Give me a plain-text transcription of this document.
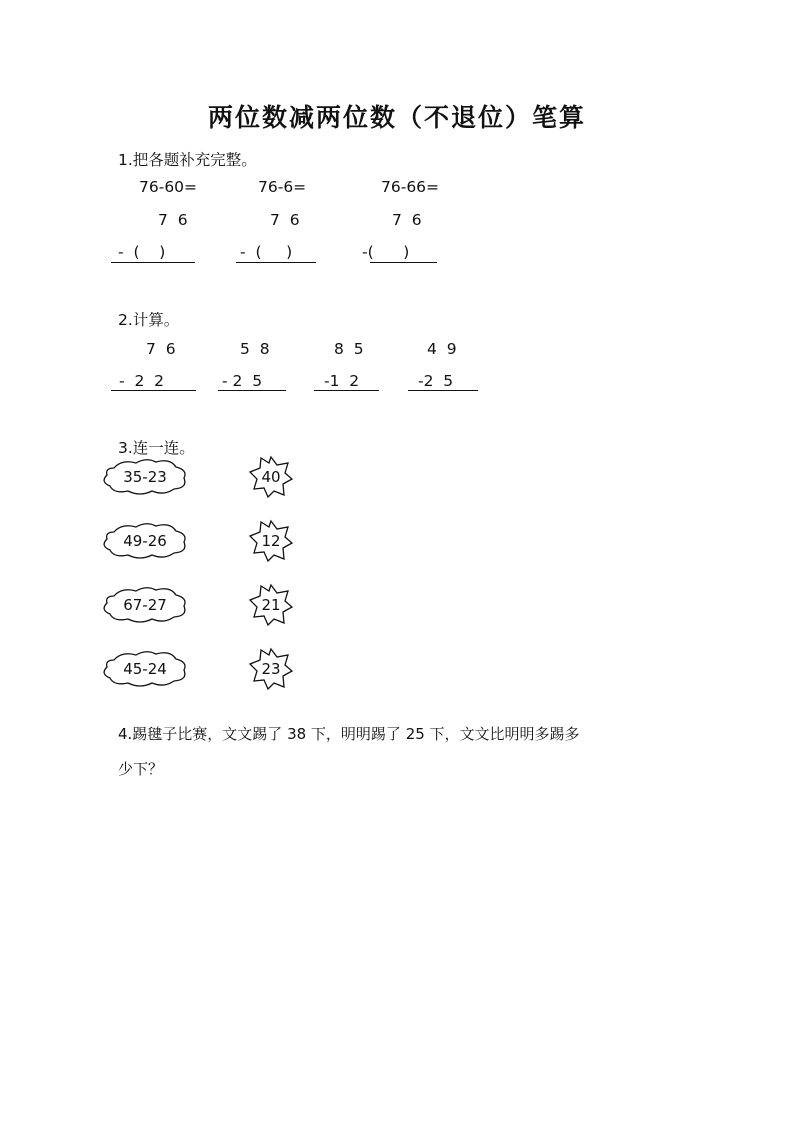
两位数减两位数（不退位）笔算
1.把各题补充完整。
76-60=
7  6
-  (    )
76-6=
7  6
-  (     )
76-66=
7  6
-(      )
2.计算。
7  6
-  2  2
5  8
- 2  5
8  5
-1  2
4  9
-2  5
3.连一连。
35-23
49-26
67-27
45-24
40
12
21
23
4.踢毽子比赛，文文踢了 38 下，明明踢了 25 下，文文比明明多踢多
少下？
